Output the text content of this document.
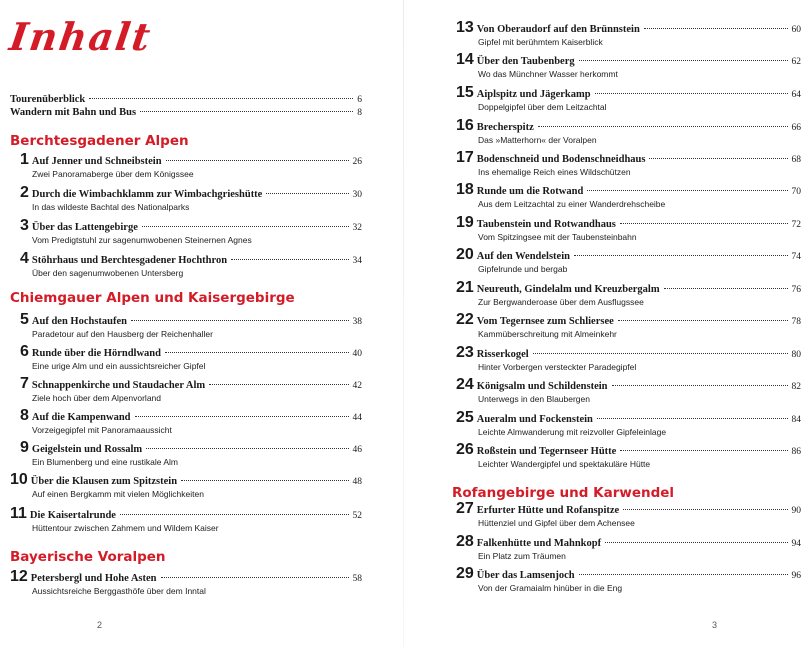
Inhalt
Tourenüberblick	6
Wandern mit Bahn und Bus	8
Berchtesgadener Alpen
1 Auf Jenner und Schneibstein	26
Zwei Panoramaberge über dem Königssee
2 Durch die Wimbachklamm zur Wimbachgrieshütte	30
In das wildeste Bachtal des Nationalparks
3 Über das Lattengebirge	32
Vom Predigtstuhl zur sagenumwobenen Steinernen Agnes
4 Stöhrhaus und Berchtesgadener Hochthron	34
Über den sagenumwobenen Untersberg
5 Auf den Hochstaufen	38
Paradetour auf den Hausberg der Reichenhaller
6 Runde über die Hörndlwand	40
Eine urige Alm und ein aussichtsreicher Gipfel
7 Schnappenkirche und Staudacher Alm	42
Ziele hoch über dem Alpenvorland
8 Auf die Kampenwand	44
Vorzeigegipfel mit Panoramaaussicht
9 Geigelstein und Rossalm	46
Ein Blumenberg und eine rustikale Alm
10 Über die Klausen zum Spitzstein	48
Auf einen Bergkamm mit vielen Möglichkeiten
11 Die Kaisertalrunde	52
Hüttentour zwischen Zahmem und Wildem Kaiser
12 Petersbergl und Hohe Asten	58
Aussichtsreiche Berggasthöfe über dem Inntal
Chiemgauer Alpen und Kaisergebirge
Bayerische Voralpen
2
13 Von Oberaudorf auf den Brünnstein	60
Gipfel mit berühmtem Kaiserblick
14 Über den Taubenberg	62
Wo das Münchner Wasser herkommt
15 Aiplspitz und Jägerkamp	64
Doppelgipfel über dem Leitzachtal
16 Brecherspitz	66
Das »Matterhorn« der Voralpen
17 Bodenschneid und Bodenschneidhaus	68
Ins ehemalige Reich eines Wildschützen
18 Runde um die Rotwand	70
Aus dem Leitzachtal zu einer Wanderdrehscheibe
19 Taubenstein und Rotwandhaus	72
Vom Spitzingsee mit der Taubensteinbahn
20 Auf den Wendelstein	74
Gipfelrunde und bergab
21 Neureuth, Gindelalm und Kreuzbergalm	76
Zur Bergwanderoase über dem Ausflugssee
22 Vom Tegernsee zum Schliersee	78
Kammüberschreitung mit Almeinkehr
23 Risserkogel	80
Hinter Vorbergen versteckter Paradegipfel
24 Königsalm und Schildenstein	82
Unterwegs in den Blaubergen
25 Aueralm und Fockenstein	84
Leichte Almwanderung mit reizvoller Gipfeleinlage
26 Roßstein und Tegernseer Hütte	86
Leichter Wandergipfel und spektakuläre Hütte
27 Erfurter Hütte und Rofanspitze	90
Hüttenziel und Gipfel über dem Achensee
28 Falkenhütte und Mahnkopf	94
Ein Platz zum Träumen
29 Über das Lamsenjoch	96
Von der Gramaialm hinüber in die Eng
Rofangebirge und Karwendel
3
